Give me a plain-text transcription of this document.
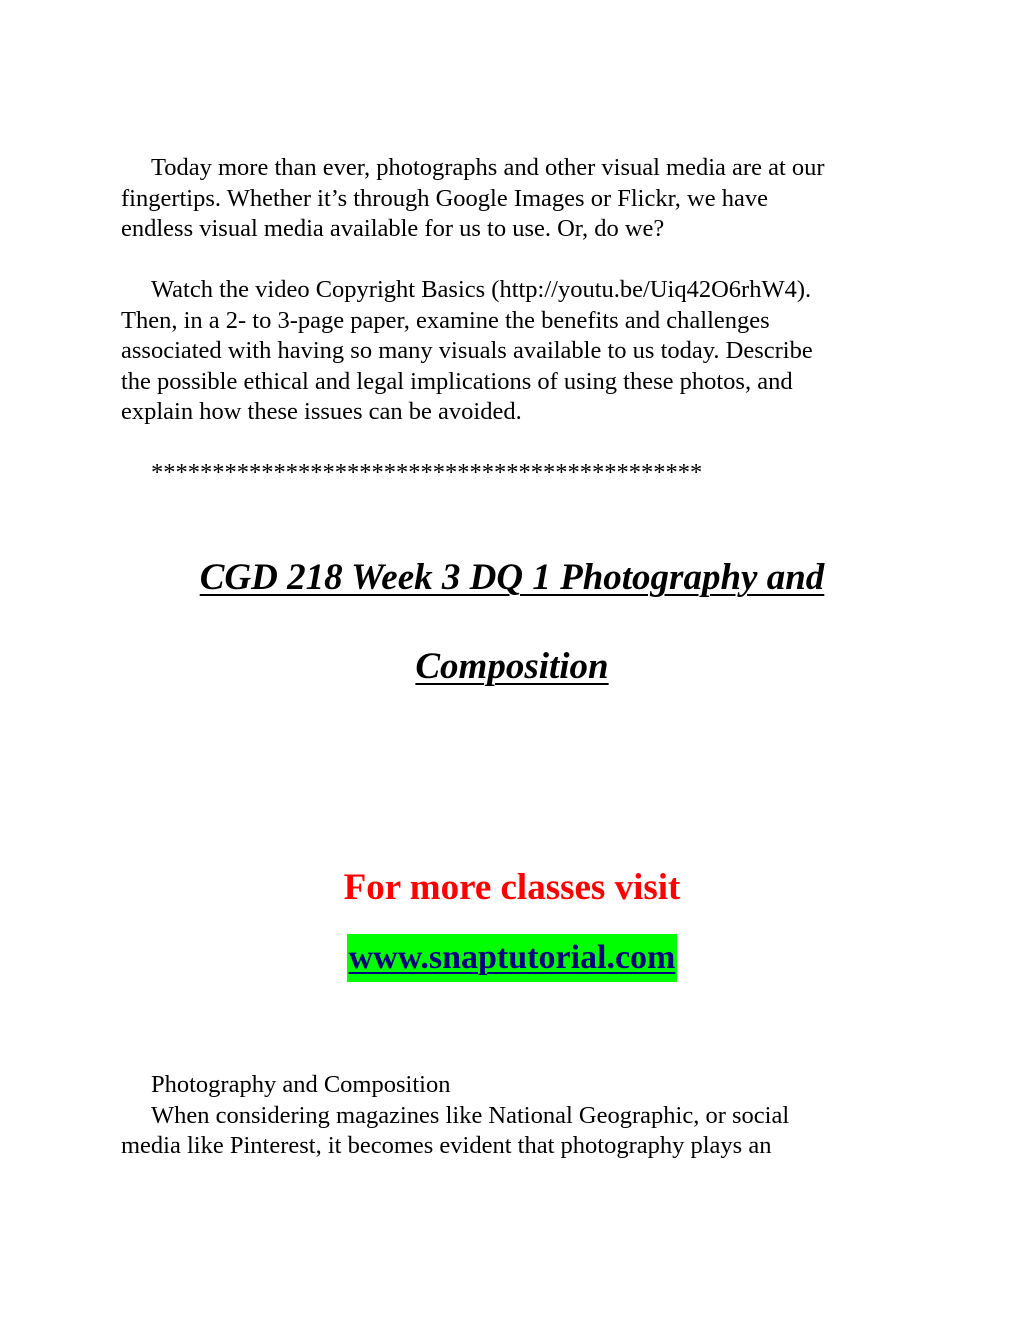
Today more than ever, photographs and other visual media are at our
fingertips. Whether it’s through Google Images or Flickr, we have
endless visual media available for us to use. Or, do we?

Watch the video Copyright Basics (http://youtu.be/Uiq42O6rhW4).
Then, in a 2- to 3-page paper, examine the benefits and challenges
associated with having so many visuals available to us today. Describe
the possible ethical and legal implications of using these photos, and
explain how these issues can be avoided.

*********************************************

CGD 218 Week 3 DQ 1 Photography and
Composition

For more classes visit

www.snaptutorial.com

Photography and Composition
When considering magazines like National Geographic, or social
media like Pinterest, it becomes evident that photography plays an
